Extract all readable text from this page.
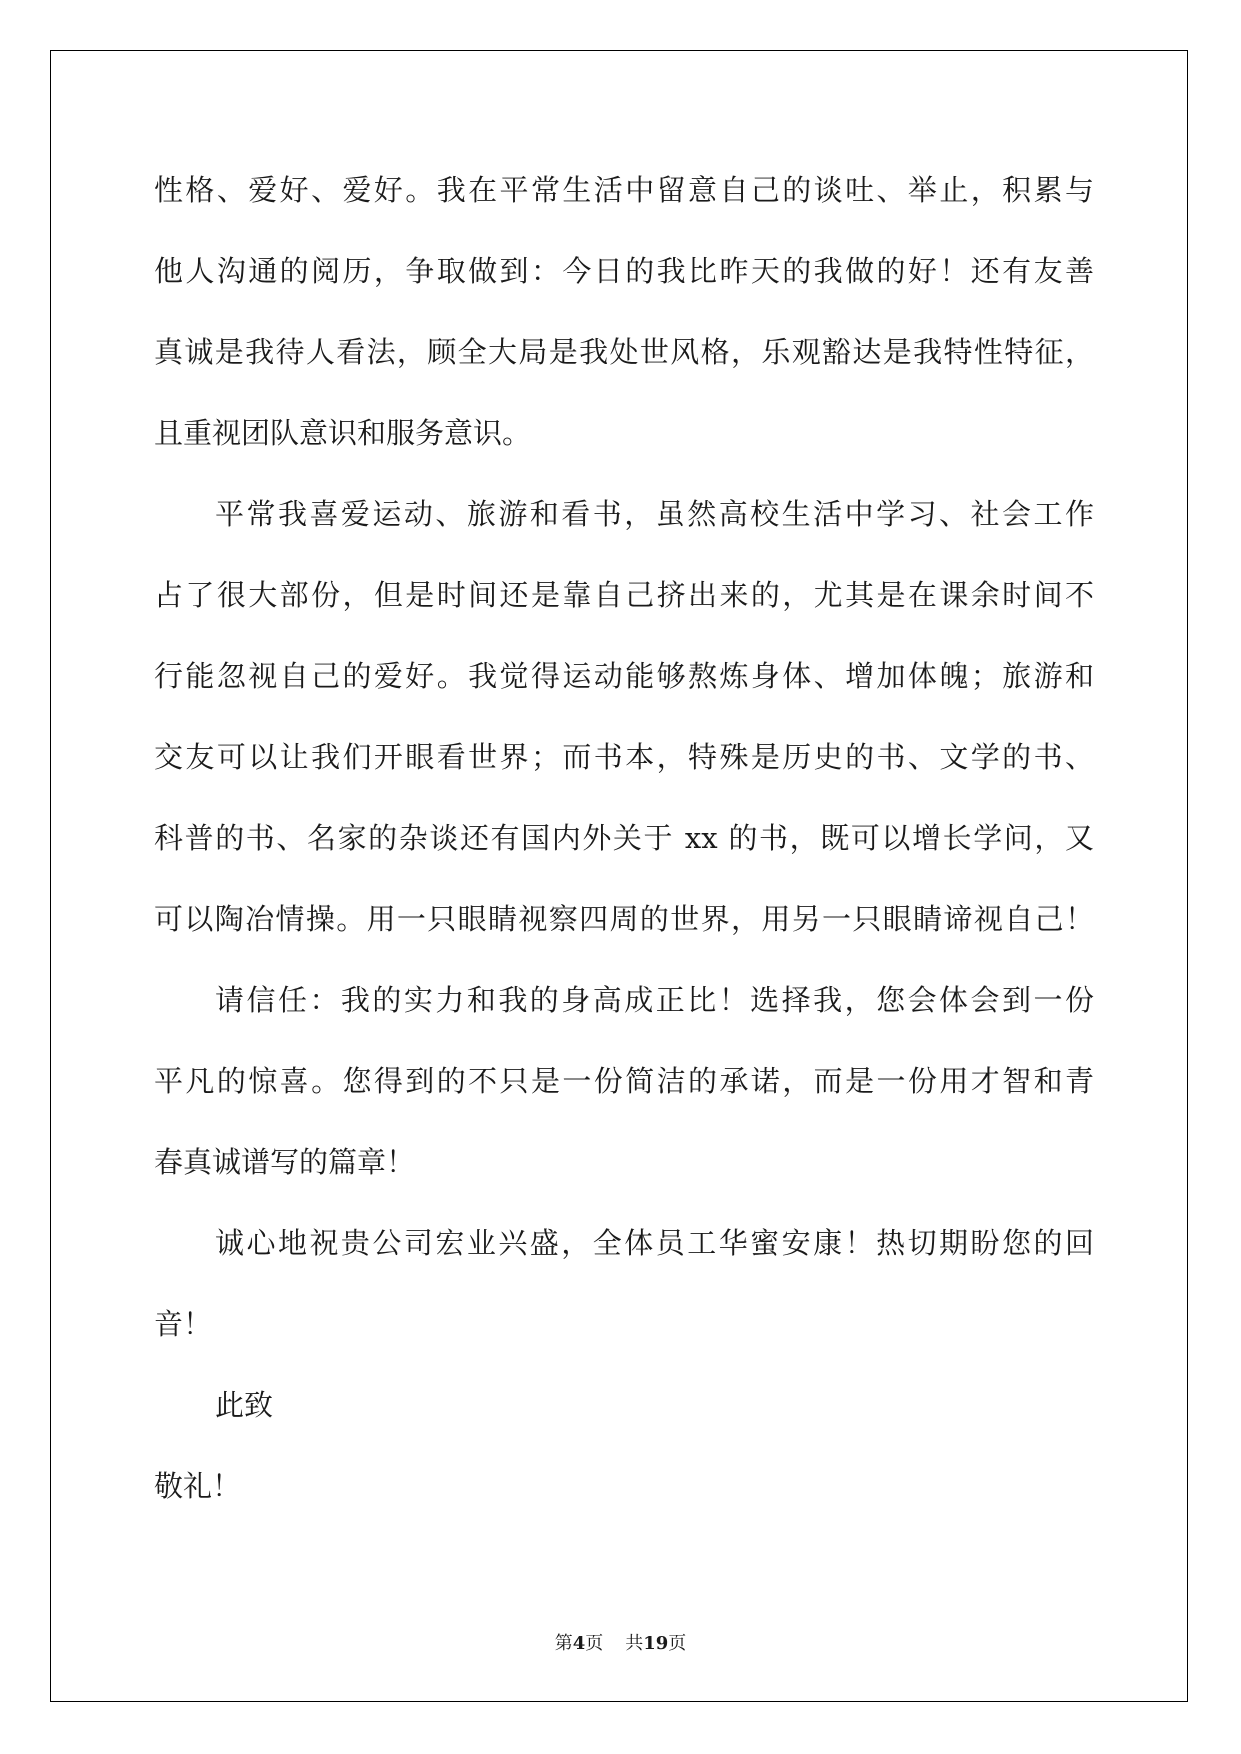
性格、爱好、爱好。我在平常生活中留意自己的谈吐、举止，积累与
他人沟通的阅历，争取做到：今日的我比昨天的我做的好！还有友善
真诚是我待人看法，顾全大局是我处世风格，乐观豁达是我特性特征，
且重视团队意识和服务意识。
平常我喜爱运动、旅游和看书，虽然高校生活中学习、社会工作
占了很大部份，但是时间还是靠自己挤出来的，尤其是在课余时间不
行能忽视自己的爱好。我觉得运动能够熬炼身体、增加体魄；旅游和
交友可以让我们开眼看世界；而书本，特殊是历史的书、文学的书、
科普的书、名家的杂谈还有国内外关于 xx 的书，既可以增长学问，又
可以陶冶情操。用一只眼睛视察四周的世界，用另一只眼睛谛视自己！
请信任：我的实力和我的身高成正比！选择我，您会体会到一份
平凡的惊喜。您得到的不只是一份简洁的承诺，而是一份用才智和青
春真诚谱写的篇章！
诚心地祝贵公司宏业兴盛，全体员工华蜜安康！热切期盼您的回
音！
此致
敬礼！
第4页 共19页
